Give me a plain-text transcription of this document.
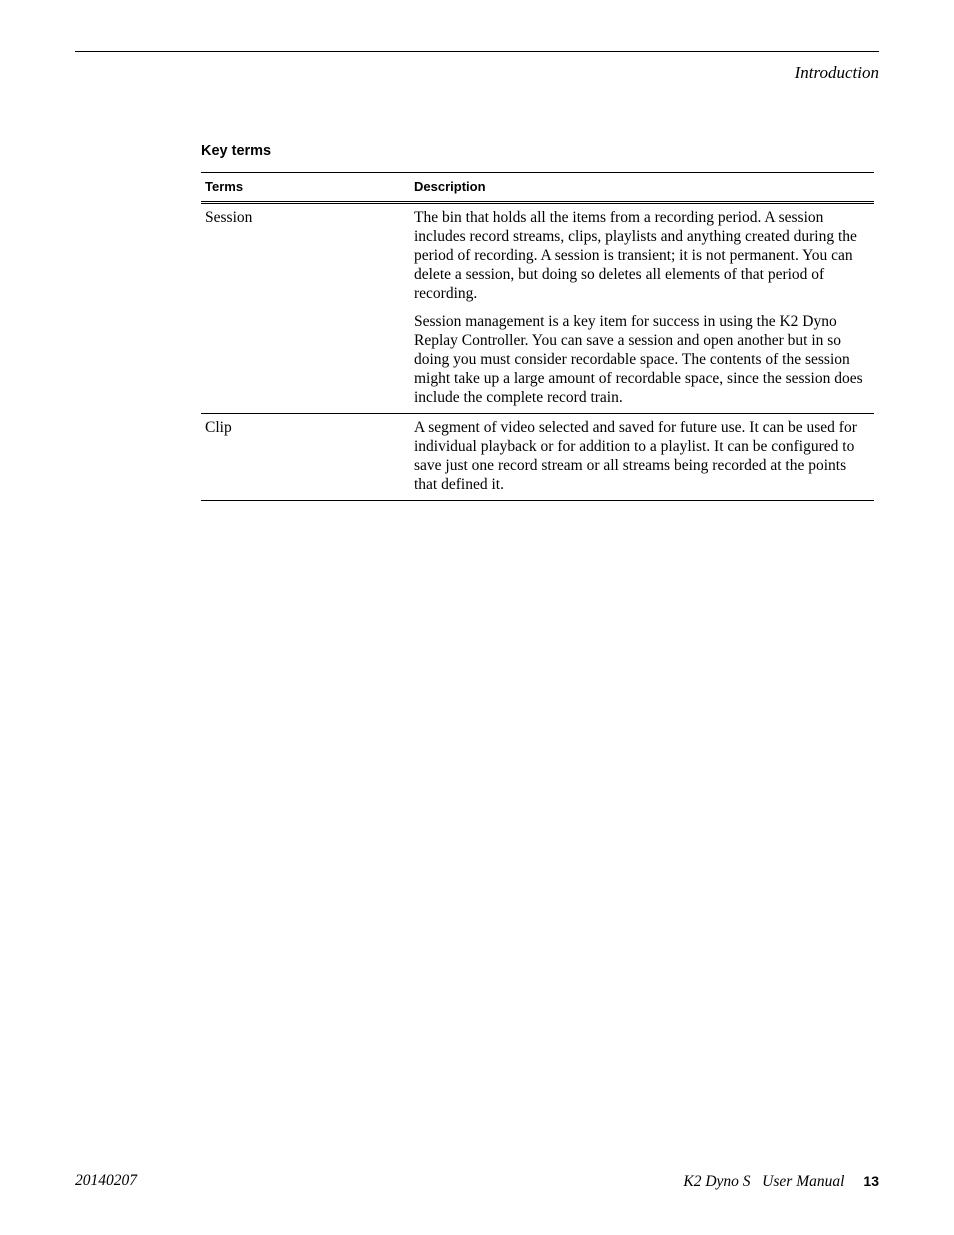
Introduction
Key terms
Terms	Description
Session	The bin that holds all the items from a recording period. A session includes record streams, clips, playlists and anything created during the period of recording. A session is transient; it is not permanent. You can delete a session, but doing so deletes all elements of that period of recording.

Session management is a key item for success in using the K2 Dyno Replay Controller. You can save a session and open another but in so doing you must consider recordable space. The contents of the session might take up a large amount of recordable space, since the session does include the complete record train.

Clip	A segment of video selected and saved for future use. It can be used for individual playback or for addition to a playlist. It can be configured to save just one record stream or all streams being recorded at the points that defined it.

20140207	K2 Dyno S   User Manual 13
